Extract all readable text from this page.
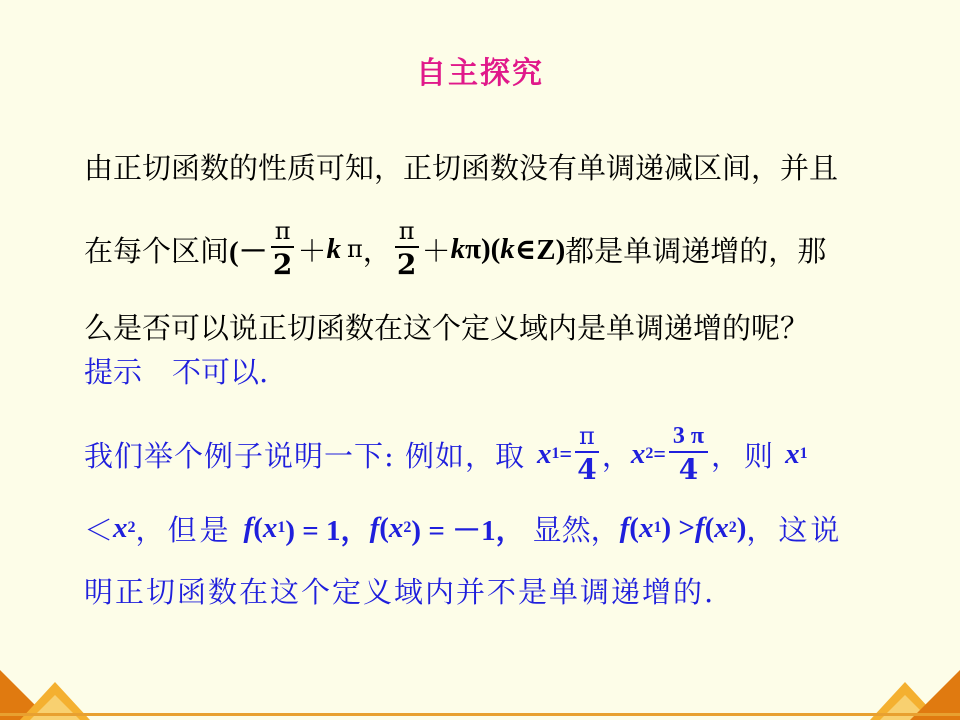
自主探究
由正切函数的性质可知，正切函数没有单调递减区间，并且
在每个区间 (－ $\frac{\pi}{2} + k$ π ， $\frac{\pi}{2} + k$ π )( k ∈Z) 都是单调递增的，那
么是否可以说正切函数在这个定义域内是单调递增的呢？
提示 不可以.
我们举个例子说明一下: 例如，取 x $1 = \frac{\pi}{4}$ ， x $2 = \frac{3 \pi}{4}$ ，则 x 1
＜ x 2 ，但是 f ( x 1 ) = 1， f ( x 2 ) = －1， 显然， f ( x 1 ) > f ( x 2 ) ，这说
明正切函数在这个定义域内并不是单调递增的.
